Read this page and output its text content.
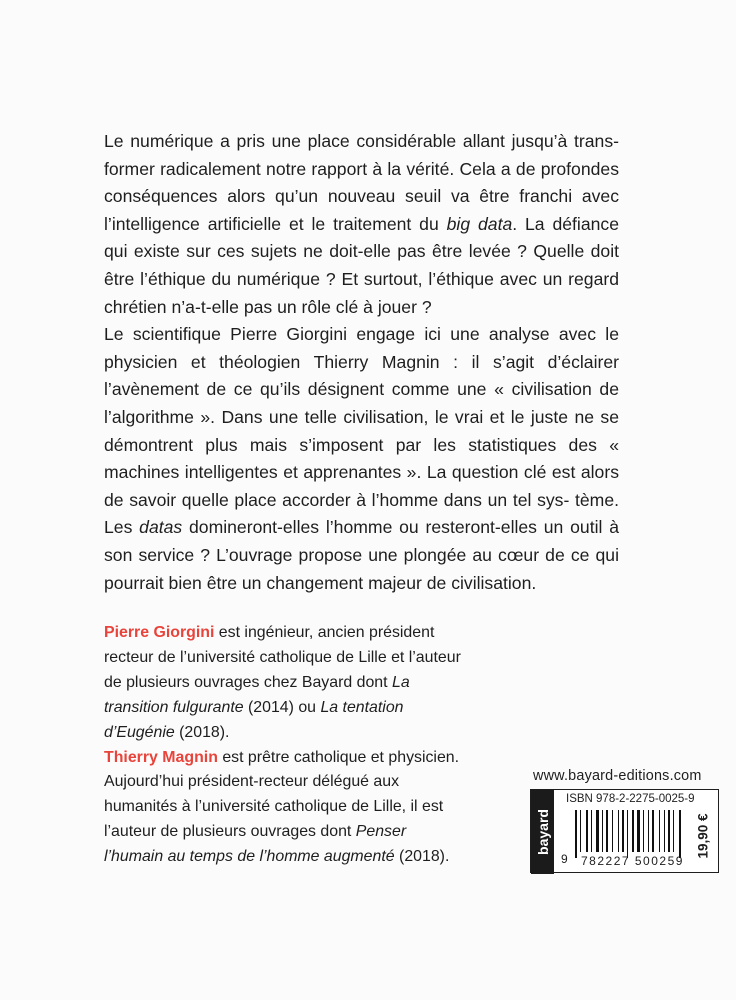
Le numérique a pris une place considérable allant jusqu’à trans- former radicalement notre rapport à la vérité. Cela a de profondes conséquences alors qu’un nouveau seuil va être franchi avec l’intelligence artificielle et le traitement du big data. La défiance qui existe sur ces sujets ne doit-elle pas être levée ? Quelle doit être l’éthique du numérique ? Et surtout, l’éthique avec un regard chrétien n’a-t-elle pas un rôle clé à jouer ?

Le scientifique Pierre Giorgini engage ici une analyse avec le physicien et théologien Thierry Magnin : il s’agit d’éclairer l’avènement de ce qu’ils désignent comme une « civilisation de l’algorithme ». Dans une telle civilisation, le vrai et le juste ne se démontrent plus mais s’imposent par les statistiques des « machines intelligentes et apprenantes ». La question clé est alors de savoir quelle place accorder à l’homme dans un tel sys- tème. Les datas domineront-elles l’homme ou resteront-elles un outil à son service ? L’ouvrage propose une plongée au cœur de ce qui pourrait bien être un changement majeur de civilisation.

Pierre Giorgini est ingénieur, ancien président recteur de l’université catholique de Lille et l’auteur de plusieurs ouvrages chez Bayard dont La transition fulgurante (2014) ou La tentation d’Eugénie (2018).

Thierry Magnin est prêtre catholique et physicien. Aujourd’hui président-recteur délégué aux humanités à l’université catholique de Lille, il est l’auteur de plusieurs ouvrages dont Penser l’humain au temps de l’homme augmenté (2018).

www.bayard-editions.com
bayard
ISBN 978-2-2275-0025-9
9 782227 500259
19,90 €
